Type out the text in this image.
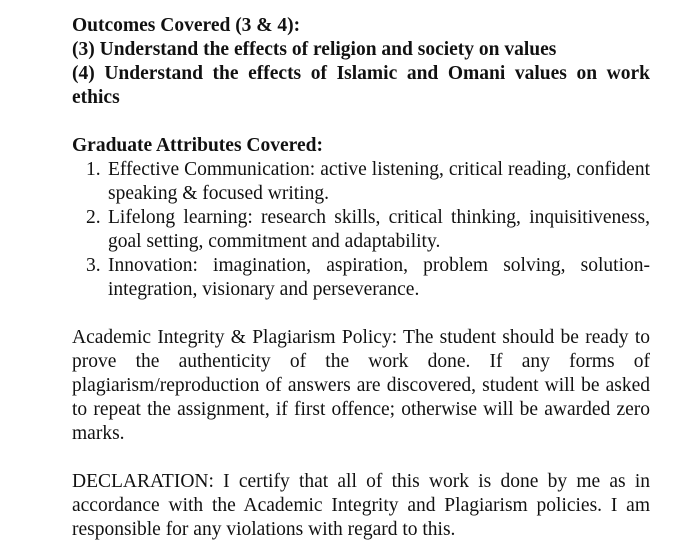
Outcomes Covered (3 & 4):

(3) Understand the effects of religion and society on values

(4) Understand the effects of Islamic and Omani values on work ethics

Graduate Attributes Covered:

1. Effective Communication: active listening, critical reading, confident speaking & focused writing.
2. Lifelong learning: research skills, critical thinking, inquisitiveness, goal setting, commitment and adaptability.
3. Innovation: imagination, aspiration, problem solving, solution-integration, visionary and perseverance.

Academic Integrity & Plagiarism Policy: The student should be ready to prove the authenticity of the work done. If any forms of plagiarism/reproduction of answers are discovered, student will be asked to repeat the assignment, if first offence; otherwise will be awarded zero marks.

DECLARATION: I certify that all of this work is done by me as in accordance with the Academic Integrity and Plagiarism policies. I am responsible for any violations with regard to this.
